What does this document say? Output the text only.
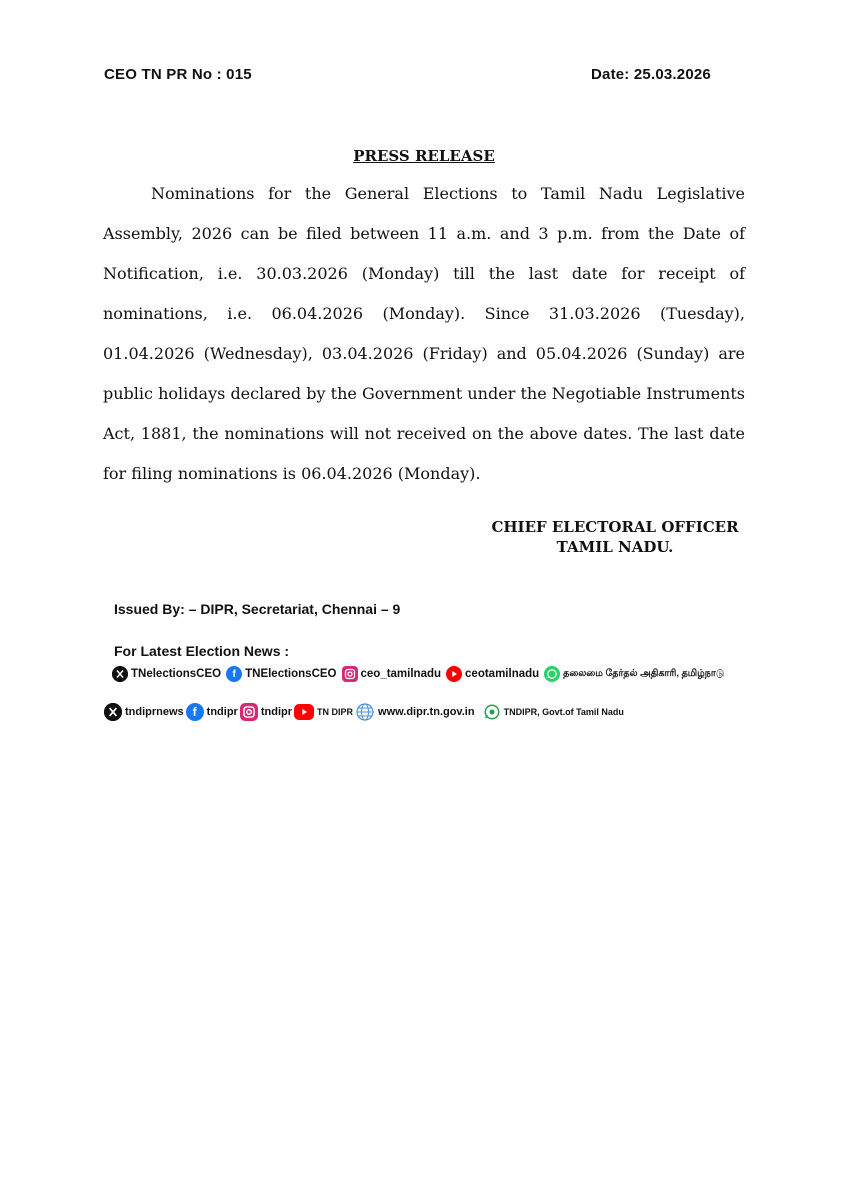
CEO TN PR No : 015	Date: 25.03.2026
PRESS RELEASE

Nominations for the General Elections to Tamil Nadu Legislative Assembly, 2026 can be filed between 11 a.m. and 3 p.m. from the Date of Notification, i.e. 30.03.2026 (Monday) till the last date for receipt of nominations, i.e. 06.04.2026 (Monday). Since 31.03.2026 (Tuesday), 01.04.2026 (Wednesday), 03.04.2026 (Friday) and 05.04.2026 (Sunday) are public holidays declared by the Government under the Negotiable Instruments Act, 1881, the nominations will not received on the above dates. The last date for filing nominations is 06.04.2026 (Monday).

CHIEF ELECTORAL OFFICER
TAMIL NADU.
Issued By: – DIPR, Secretariat, Chennai – 9
For Latest Election News :
TNelectionsCEO	f TNElectionsCEO ceo_tamilnadu ceotamilnadu	தலைமை தேர்தல் அதிகாரி, தமிழ்நாடு
tndiprnews f tndipr tndipr	TN DIPR www.dipr.tn.gov.in	TNDIPR, Govt.of Tamil Nadu
